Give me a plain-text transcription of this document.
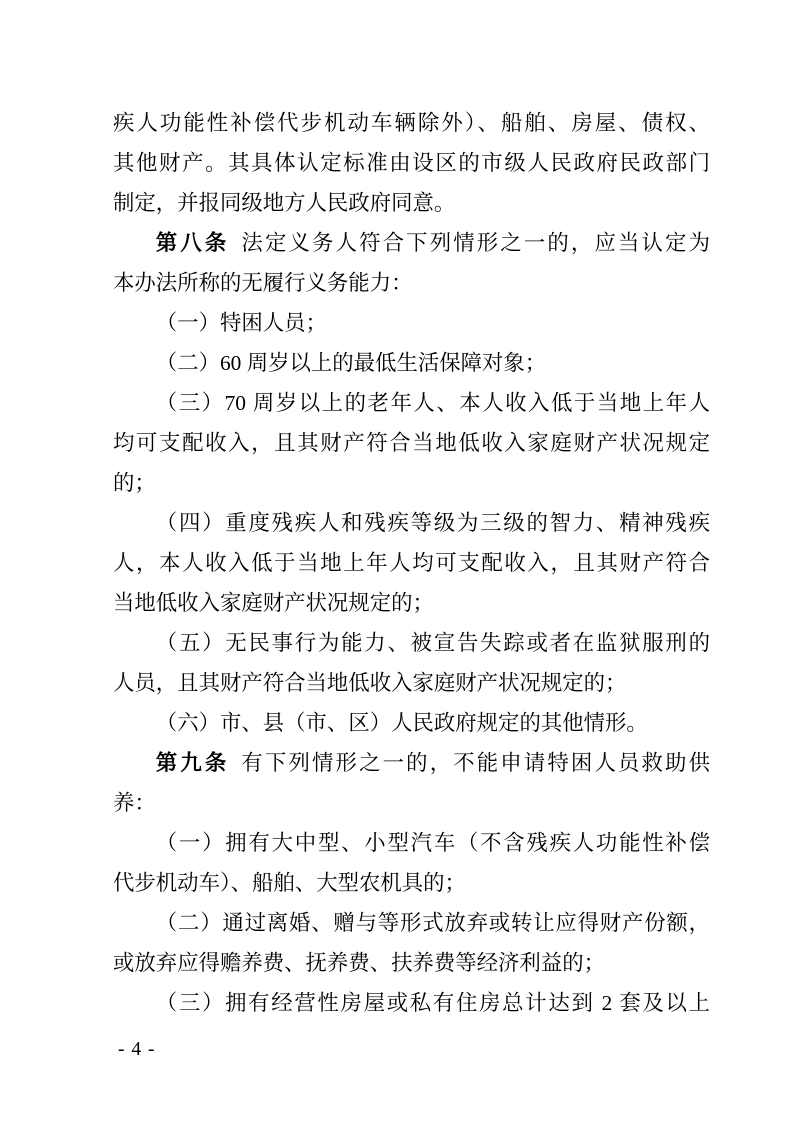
疾人功能性补偿代步机动车辆除外）、船舶、房屋、债权、
其他财产。其具体认定标准由设区的市级人民政府民政部门
制定，并报同级地方人民政府同意。
第八条 法定义务人符合下列情形之一的，应当认定为
本办法所称的无履行义务能力：
（一）特困人员；
（二）60 周岁以上的最低生活保障对象；
（三）70 周岁以上的老年人、本人收入低于当地上年人
均可支配收入，且其财产符合当地低收入家庭财产状况规定
的；
（四）重度残疾人和残疾等级为三级的智力、精神残疾
人，本人收入低于当地上年人均可支配收入，且其财产符合
当地低收入家庭财产状况规定的；
（五）无民事行为能力、被宣告失踪或者在监狱服刑的
人员，且其财产符合当地低收入家庭财产状况规定的；
（六）市、县（市、区）人民政府规定的其他情形。
第九条 有下列情形之一的，不能申请特困人员救助供
养：
（一）拥有大中型、小型汽车（不含残疾人功能性补偿
代步机动车）、船舶、大型农机具的；
（二）通过离婚、赠与等形式放弃或转让应得财产份额，
或放弃应得赡养费、抚养费、扶养费等经济利益的；
（三）拥有经营性房屋或私有住房总计达到 2 套及以上
- 4 -
